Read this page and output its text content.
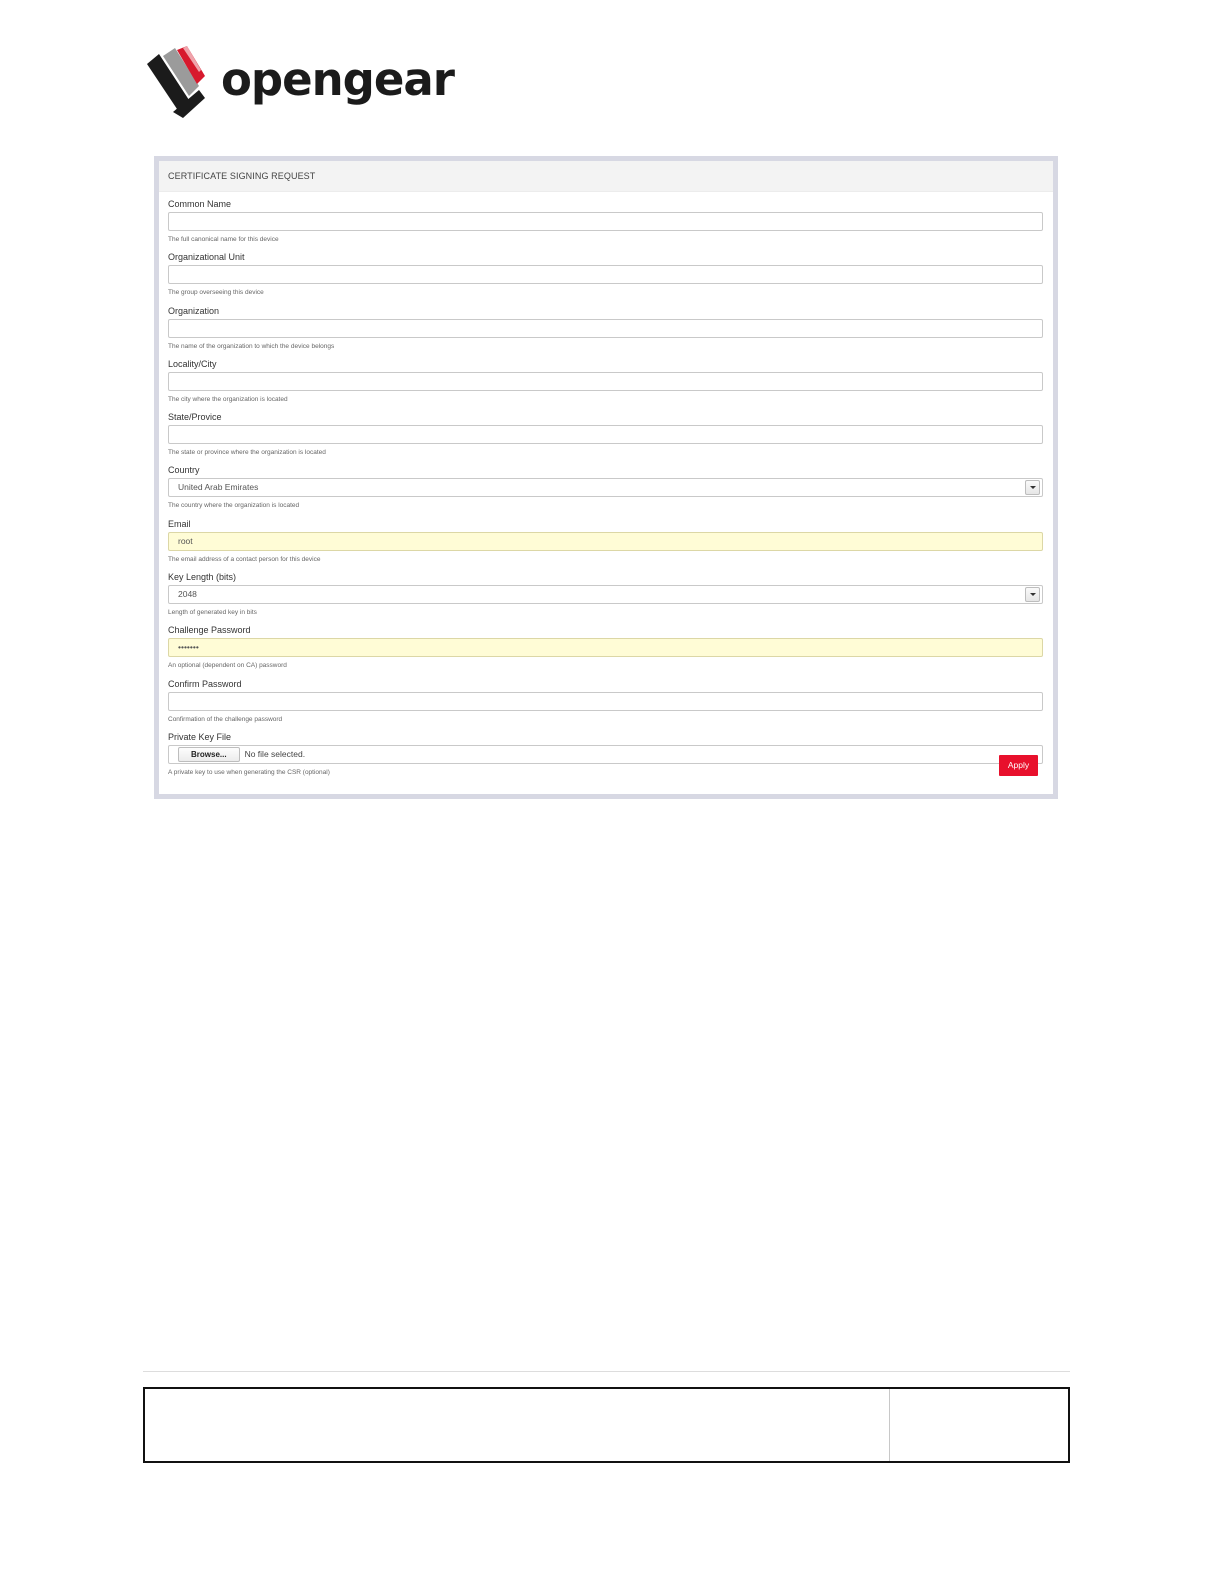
opengear
CERTIFICATE SIGNING REQUEST
Common Name
The full canonical name for this device
Organizational Unit
The group overseeing this device
Organization
The name of the organization to which the device belongs
Locality/City
The city where the organization is located
State/Provice
The state or province where the organization is located
Country
United Arab Emirates
The country where the organization is located
Email
root
The email address of a contact person for this device
Key Length (bits)
2048
Length of generated key in bits
Challenge Password
•••••••
An optional (dependent on CA) password
Confirm Password
Confirmation of the challenge password
Private Key File
Browse...	No file selected.
A private key to use when generating the CSR (optional)
Apply
